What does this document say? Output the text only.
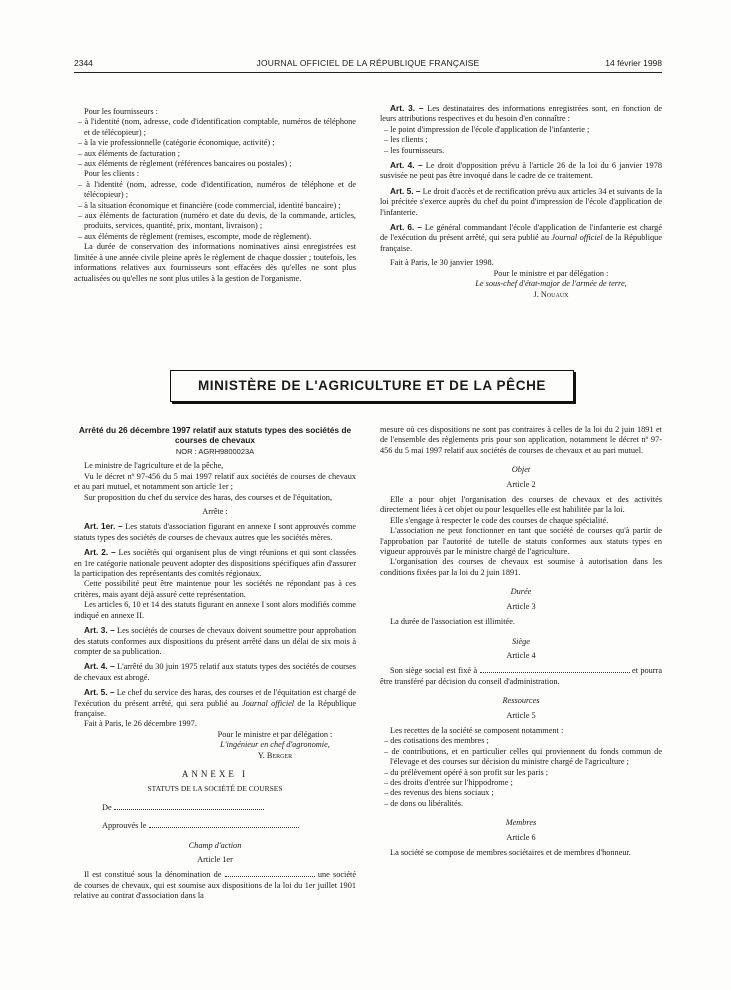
2344	JOURNAL OFFICIEL DE LA RÉPUBLIQUE FRANÇAISE	14 février 1998

Pour les fournisseurs :

– à l'identité (nom, adresse, code d'identification comptable, numéros de téléphone et de télécopieur) ;

– à la vie professionnelle (catégorie économique, activité) ;

– aux éléments de facturation ;

– aux éléments de règlement (références bancaires ou postales) ;

Pour les clients :

– à l'identité (nom, adresse, code d'identification, numéros de téléphone et de télécopieur) ;

– à la situation économique et financière (code commercial, identité bancaire) ;

– aux éléments de facturation (numéro et date du devis, de la commande, articles, produits, services, quantité, prix, montant, livraison) ;

– aux éléments de règlement (remises, escompte, mode de règlement).

La durée de conservation des informations nominatives ainsi enregistrées est limitée à une année civile pleine après le règlement de chaque dossier ; toutefois, les informations relatives aux fournisseurs sont effacées dès qu'elles ne sont plus actualisées ou qu'elles ne sont plus utiles à la gestion de l'organisme.

Art. 3. – Les destinataires des informations enregistrées sont, en fonction de leurs attributions respectives et du besoin d'en connaître :

– le point d'impression de l'école d'application de l'infanterie ;

– les clients ;

– les fournisseurs.

Art. 4. – Le droit d'opposition prévu à l'article 26 de la loi du 6 janvier 1978 susvisée ne peut pas être invoqué dans le cadre de ce traitement.

Art. 5. – Le droit d'accès et de rectification prévu aux articles 34 et suivants de la loi précitée s'exerce auprès du chef du point d'impression de l'école d'application de l'infanterie.

Art. 6. – Le général commandant l'école d'application de l'infanterie est chargé de l'exécution du présent arrêté, qui sera publié au Journal officiel de la République française.

Fait à Paris, le 30 janvier 1998.

Pour le ministre et par délégation :

Le sous-chef d'état-major de l'armée de terre,

J. Nouaux

MINISTÈRE DE L'AGRICULTURE ET DE LA PÊCHE

Arrêté du 26 décembre 1997 relatif aux statuts types des sociétés de courses de chevaux

NOR : AGRH9800023A

Le ministre de l'agriculture et de la pêche,

Vu le décret nº 97-456 du 5 mai 1997 relatif aux sociétés de courses de chevaux et au pari mutuel, et notamment son article 1er ;

Sur proposition du chef du service des haras, des courses et de l'équitation,

Arrête :

Art. 1er. – Les statuts d'association figurant en annexe I sont approuvés comme statuts types des sociétés de courses de chevaux autres que les sociétés mères.

Art. 2. – Les sociétés qui organisent plus de vingt réunions et qui sont classées en 1re catégorie nationale peuvent adopter des dispositions spécifiques afin d'assurer la participation des représentants des comités régionaux.

Cette possibilité peut être maintenue pour les sociétés ne répondant pas à ces critères, mais ayant déjà assuré cette représentation.

Les articles 6, 10 et 14 des statuts figurant en annexe I sont alors modifiés comme indiqué en annexe II.

Art. 3. – Les sociétés de courses de chevaux doivent soumettre pour approbation des statuts conformes aux dispositions du présent arrêté dans un délai de six mois à compter de sa publication.

Art. 4. – L'arrêté du 30 juin 1975 relatif aux statuts types des sociétés de courses de chevaux est abrogé.

Art. 5. – Le chef du service des haras, des courses et de l'équitation est chargé de l'exécution du présent arrêté, qui sera publié au Journal officiel de la République française.

Fait à Paris, le 26 décembre 1997.

Pour le ministre et par délégation :

L'ingénieur en chef d'agronomie,

Y. Berger

ANNEXE I

STATUTS DE LA SOCIÉTÉ DE COURSES

De

Approuvés le

Champ d'action

Article 1er

Il est constitué sous la dénomination de	une société de courses de chevaux, qui est soumise aux dispositions de la loi du 1er juillet 1901 relative au contrat d'association dans la

mesure où ces dispositions ne sont pas contraires à celles de la loi du 2 juin 1891 et de l'ensemble des règlements pris pour son application, notamment le décret nº 97-456 du 5 mai 1997 relatif aux sociétés de courses de chevaux et au pari mutuel.

Objet

Article 2

Elle a pour objet l'organisation des courses de chevaux et des activités directement liées à cet objet ou pour lesquelles elle est habilitée par la loi.

Elle s'engage à respecter le code des courses de chaque spécialité.

L'association ne peut fonctionner en tant que société de courses qu'à partir de l'approbation par l'autorité de tutelle de statuts conformes aux statuts types en vigueur approuvés par le ministre chargé de l'agriculture.

L'organisation des courses de chevaux est soumise à autorisation dans les conditions fixées par la loi du 2 juin 1891.

Durée

Article 3

La durée de l'association est illimitée.

Siège

Article 4

Son siège social est fixé à	et pourra être transféré par décision du conseil d'administration.

Ressources

Article 5

Les recettes de la société se composent notamment :

– des cotisations des membres ;

– de contributions, et en particulier celles qui proviennent du fonds commun de l'élevage et des courses sur décision du ministre chargé de l'agriculture ;

– du prélèvement opéré à son profit sur les paris ;

– des droits d'entrée sur l'hippodrome ;

– des revenus des biens sociaux ;

– de dons ou libéralités.

Membres

Article 6

La société se compose de membres sociétaires et de membres d'honneur.
